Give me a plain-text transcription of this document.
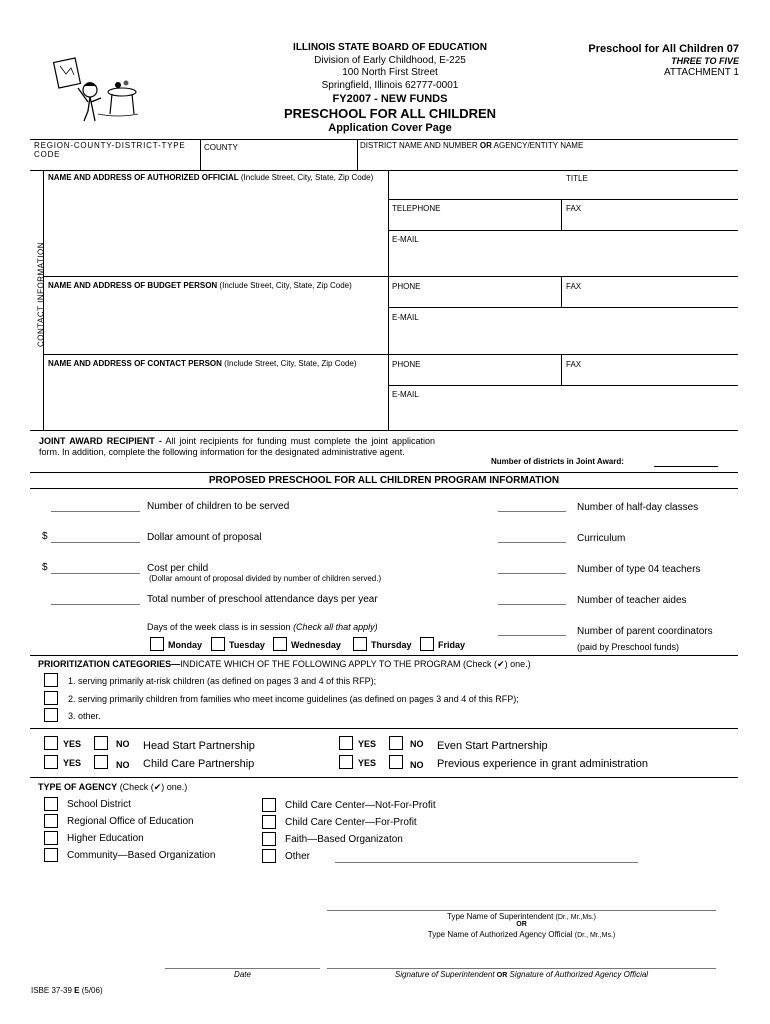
ILLINOIS STATE BOARD OF EDUCATION
Division of Early Childhood, E-225
100 North First Street
Springfield, Illinois 62777-0001
FY2007 - NEW FUNDS
PRESCHOOL FOR ALL CHILDREN
Application Cover Page
Preschool for All Children 07
THREE TO FIVE
ATTACHMENT 1
REGION-COUNTY-DISTRICT-TYPE CODE
COUNTY	DISTRICT NAME AND NUMBER OR AGENCY/ENTITY NAME
CONTACT INFORMATION
NAME AND ADDRESS OF AUTHORIZED OFFICIAL (Include Street, City, State, Zip Code)	TITLE
TELEPHONE	FAX
E-MAIL
NAME AND ADDRESS OF BUDGET PERSON (Include Street, City, State, Zip Code)	PHONE	FAX
E-MAIL
NAME AND ADDRESS OF CONTACT PERSON (Include Street, City, State, Zip Code)	PHONE	FAX
E-MAIL
JOINT AWARD RECIPIENT - All joint recipients for funding must complete the joint application form. In addition, complete the following information for the designated administrative agent.
Number of districts in Joint Award:
PROPOSED PRESCHOOL FOR ALL CHILDREN PROGRAM INFORMATION
Number of children to be served
$	Dollar amount of proposal
$	Cost per child
(Dollar amount of proposal divided by number of children served.)
Total number of preschool attendance days per year
Days of the week class is in session (Check all that apply)
Monday	Tuesday	Wednesday	Thursday	Friday
Number of half-day classes
Curriculum
Number of type 04 teachers
Number of teacher aides
Number of parent coordinators
(paid by Preschool funds)
PRIORITIZATION CATEGORIES—INDICATE WHICH OF THE FOLLOWING APPLY TO THE PROGRAM (Check (✔) one.)
1. serving primarily at-risk children (as defined on pages 3 and 4 of this RFP);
2. serving primarily children from families who meet income guidelines (as defined on pages 3 and 4 of this RFP);
3. other.
YES	NO Head Start Partnership
YES	NO Child Care Partnership
YES	NO Even Start Partnership
YES	NO Previous experience in grant administration
TYPE OF AGENCY (Check (✔) one.)
School District
Regional Office of Education
Higher Education
Community—Based Organization
Child Care Center—Not-For-Profit
Child Care Center—For-Profit
Faith—Based Organizaton
Other
Type Name of Superintendent (Dr., Mr.,Ms.)
OR
Type Name of Authorized Agency Official (Dr., Mr.,Ms.)
Date	Signature of Superintendent OR Signature of Authorized Agency Official
ISBE 37-39 E (5/06)
